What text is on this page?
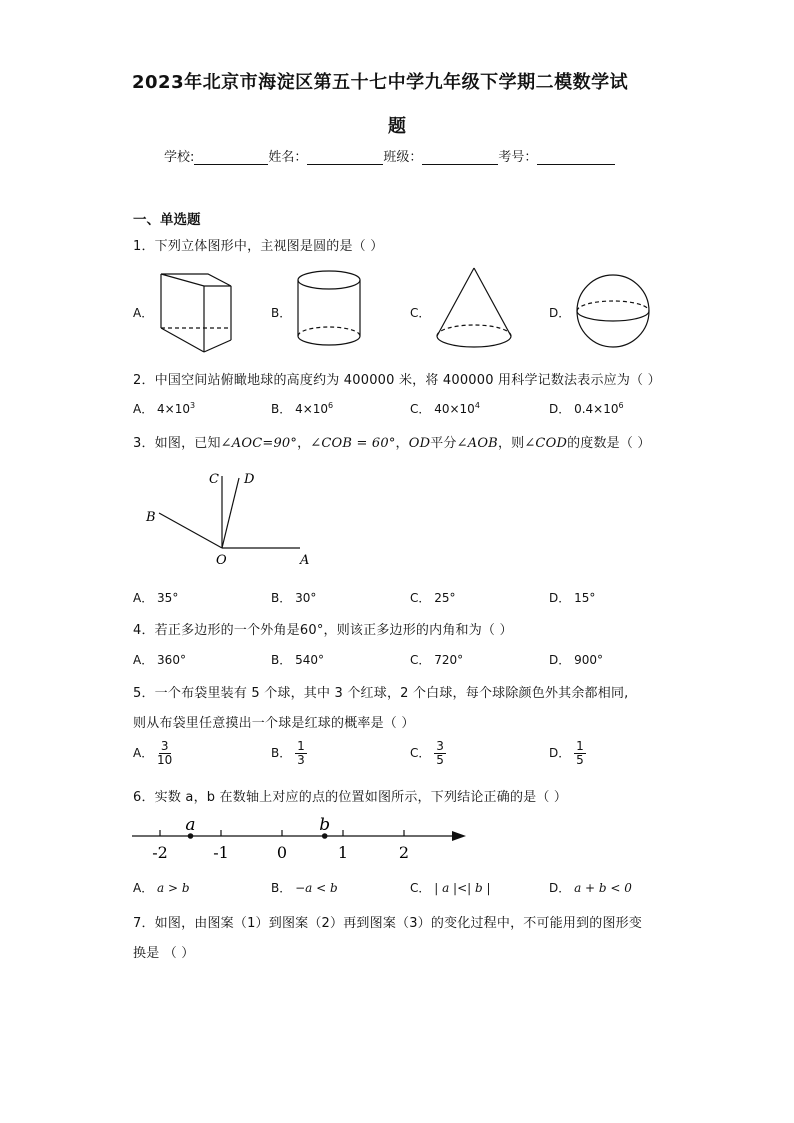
2023年北京市海淀区第五十七中学九年级下学期二模数学试
题
学校:	姓名：	班级：	考号：
一、单选题
1．下列立体图形中，主视图是圆的是（ ）
A．	B．	C．	D．
2．中国空间站俯瞰地球的高度约为 400000 米，将 400000 用科学记数法表示应为（ ）
A． $4\times 10^3$	B． $4\times 10^6$	C． $40\times 10^4$	D． $0.4\times 10^6$
3．如图，已知∠AOC=90°，∠COB = 60°，OD平分∠AOB，则∠COD的度数是（ ）
C D
B
O	A
A． 35°	B． 30°	C． 25°	D． 15°
4．若正多边形的一个外角是60°，则该正多边形的内角和为（ ）
A． 360°	B． 540°	C． 720°	D． 900°
5．一个布袋里装有 5 个球，其中 3 个红球，2 个白球，每个球除颜色外其余都相同,
则从布袋里任意摸出一个球是红球的概率是（ ）
A． $\frac{3}{10}$	B． $\frac{1}{3}$	C． $\frac{3}{5}$	D． $\frac{1}{5}$
6．实数 a，b 在数轴上对应的点的位置如图所示，下列结论正确的是（ ）
-2	-1	0	1	2
a	b
A． a > b	B． −a < b	C． | a |<| b |	D． a + b < 0
7．如图，由图案（1）到图案（2）再到图案（3）的变化过程中，不可能用到的图形变
换是 （ ）
